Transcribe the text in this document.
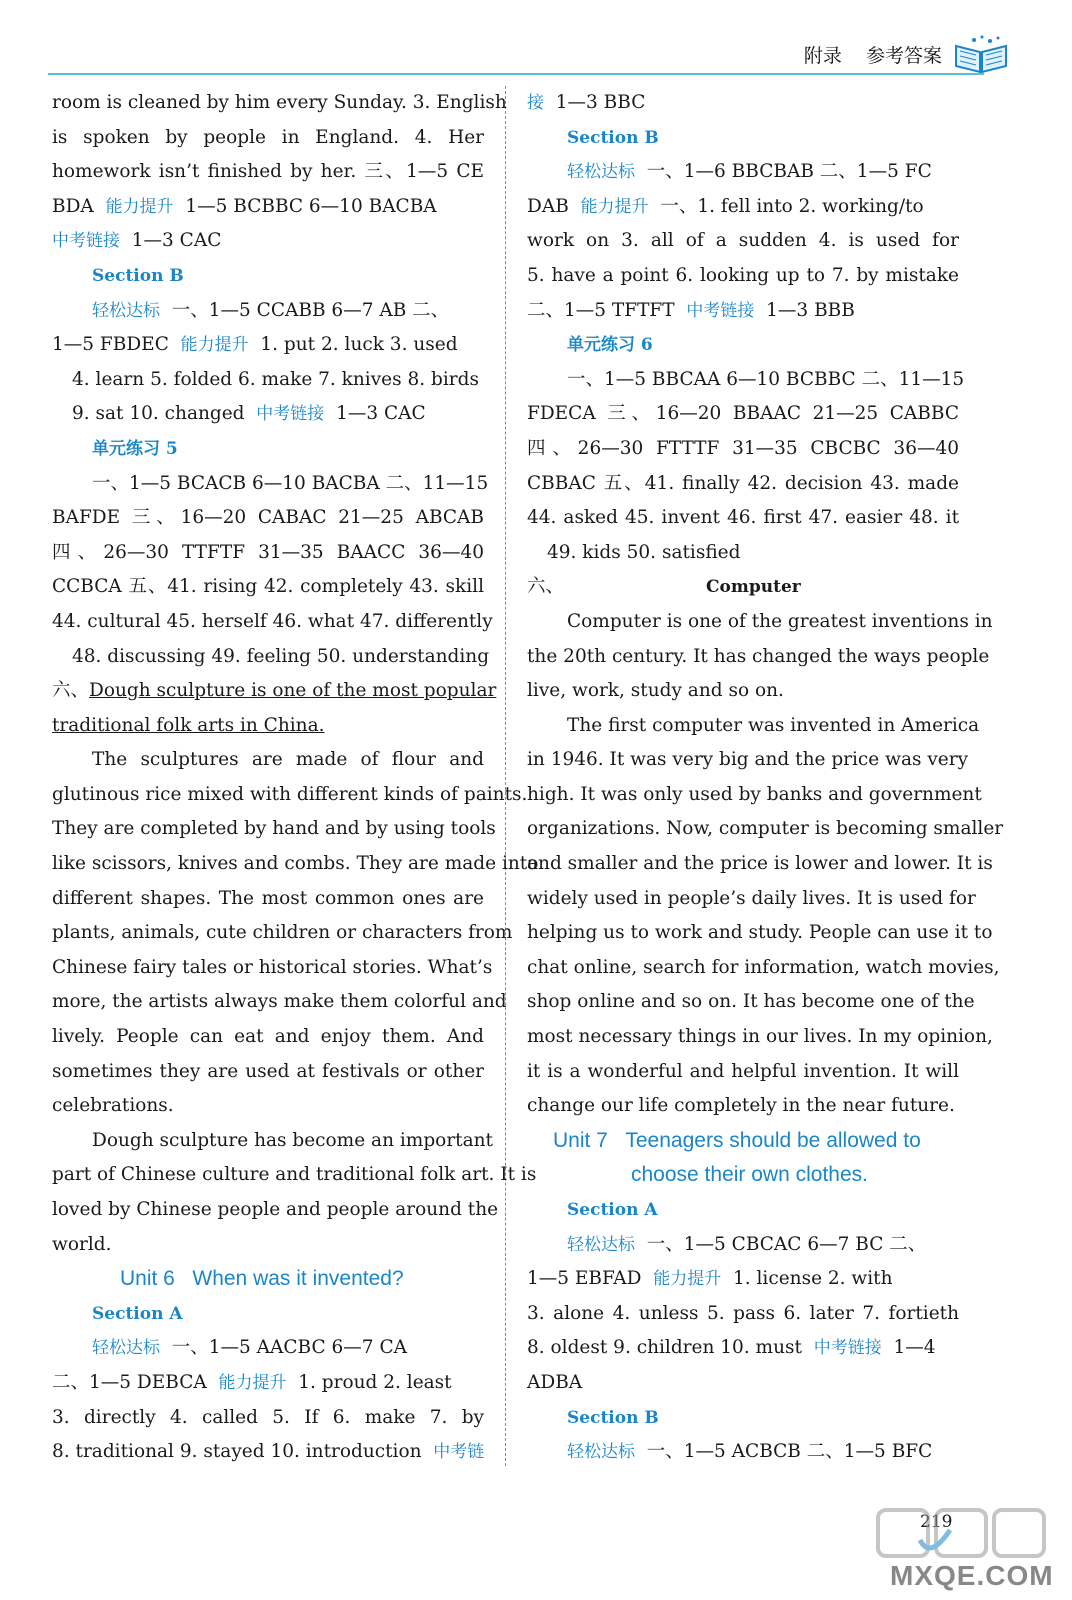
附录 参考答案
room is cleaned by him every Sunday. 3. English
is spoken by people in England. 4. Her
homework isn’t finished by her. 三、1—5 CE
BDA 能力提升 1—5 BCBBC 6—10 BACBA
中考链接 1—3 CAC
Section B
轻松达标 一、1—5 CCABB 6—7 AB 二、
1—5 FBDEC 能力提升 1. put 2. luck 3. used
4. learn 5. folded 6. make 7. knives 8. birds
9. sat 10. changed 中考链接 1—3 CAC
单元练习 5
一、1—5 BCACB 6—10 BACBA 二、11—15
BAFDE 三、16—20 CABAC 21—25 ABCAB
四、26—30 TTFTF 31—35 BAACC 36—40
CCBCA 五、41. rising 42. completely 43. skill
44. cultural 45. herself 46. what 47. differently
48. discussing 49. feeling 50. understanding
六、Dough sculpture is one of the most popular
traditional folk arts in China.
The sculptures are made of flour and
glutinous rice mixed with different kinds of paints.
They are completed by hand and by using tools
like scissors, knives and combs. They are made into
different shapes. The most common ones are
plants, animals, cute children or characters from
Chinese fairy tales or historical stories. What’s
more, the artists always make them colorful and
lively. People can eat and enjoy them. And
sometimes they are used at festivals or other
celebrations.
Dough sculpture has become an important
part of Chinese culture and traditional folk art. It is
loved by Chinese people and people around the
world.
Unit 6 When was it invented?
Section A
轻松达标 一、1—5 AACBC 6—7 CA
二、1—5 DEBCA 能力提升 1. proud 2. least
3. directly 4. called 5. If 6. make 7. by
8. traditional 9. stayed 10. introduction 中考链
接 1—3 BBC
Section B
轻松达标 一、1—6 BBCBAB 二、1—5 FC
DAB 能力提升 一、1. fell into 2. working/to
work on 3. all of a sudden 4. is used for
5. have a point 6. looking up to 7. by mistake
二、1—5 TFTFT 中考链接 1—3 BBB
单元练习 6
一、1—5 BBCAA 6—10 BCBBC 二、11—15
FDECA 三、16—20 BBAAC 21—25 CABBC
四、26—30 FTTTF 31—35 CBCBC 36—40
CBBAC 五、41. finally 42. decision 43. made
44. asked 45. invent 46. first 47. easier 48. it
49. kids 50. satisfied
六、	Computer
Computer is one of the greatest inventions in
the 20th century. It has changed the ways people
live, work, study and so on.
The first computer was invented in America
in 1946. It was very big and the price was very
high. It was only used by banks and government
organizations. Now, computer is becoming smaller
and smaller and the price is lower and lower. It is
widely used in people’s daily lives. It is used for
helping us to work and study. People can use it to
chat online, search for information, watch movies,
shop online and so on. It has become one of the
most necessary things in our lives. In my opinion,
it is a wonderful and helpful invention. It will
change our life completely in the near future.
Unit 7 Teenagers should be allowed to
choose their own clothes.
Section A
轻松达标 一、1—5 CBCAC 6—7 BC 二、
1—5 EBFAD 能力提升 1. license 2. with
3. alone 4. unless 5. pass 6. later 7. fortieth
8. oldest 9. children 10. must 中考链接 1—4
ADBA
Section B
轻松达标 一、1—5 ACBCB 二、1—5 BFC
219
MXQE.COM
